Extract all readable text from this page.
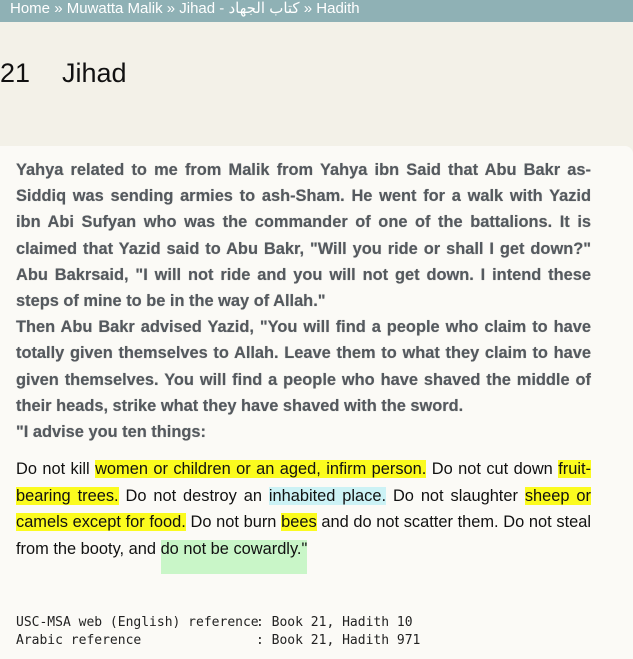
Home » Muwatta Malik » Jihad - كتاب الجهاد » Hadith
21 Jihad

Yahya related to me from Malik from Yahya ibn Said that Abu Bakr as-Siddiq was sending armies to ash-Sham. He went for a walk with Yazid ibn Abi Sufyan who was the commander of one of the battalions. It is claimed that Yazid said to Abu Bakr, "Will you ride or shall I get down?" Abu Bakrsaid, "I will not ride and you will not get down. I intend these steps of mine to be in the way of Allah."

Then Abu Bakr advised Yazid, "You will find a people who claim to have totally given themselves to Allah. Leave them to what they claim to have given themselves. You will find a people who have shaved the middle of their heads, strike what they have shaved with the sword.

"I advise you ten things:

Do not kill women or children or an aged, infirm person. Do not cut down fruit-bearing trees. Do not destroy an inhabited place. Do not slaughter sheep or camels except for food. Do not burn bees and do not scatter them. Do not steal from the booty, and do not be cowardly."
USC-MSA web (English) reference: Book 21, Hadith 10
Arabic reference	: Book 21, Hadith 971
